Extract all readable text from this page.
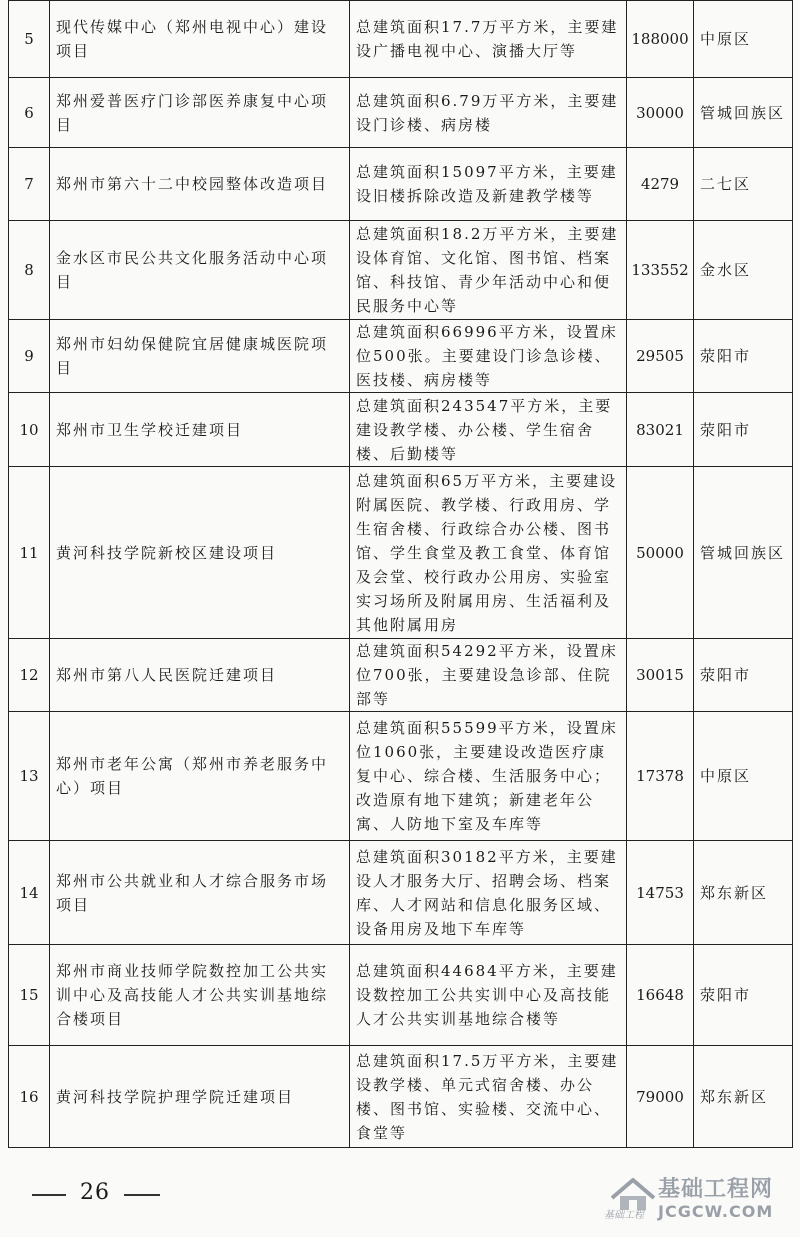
5	现代传媒中心（郑州电视中心）建设项目	总建筑面积17.7万平方米，主要建设广播电视中心、演播大厅等	188000	中原区
6	郑州爱普医疗门诊部医养康复中心项目	总建筑面积6.79万平方米，主要建设门诊楼、病房楼	30000	管城回族区
7	郑州市第六十二中校园整体改造项目	总建筑面积15097平方米，主要建设旧楼拆除改造及新建教学楼等	4279	二七区
8	金水区市民公共文化服务活动中心项目	总建筑面积18.2万平方米，主要建设体育馆、文化馆、图书馆、档案馆、科技馆、青少年活动中心和便民服务中心等	133552	金水区
9	郑州市妇幼保健院宜居健康城医院项目	总建筑面积66996平方米，设置床位500张。主要建设门诊急诊楼、医技楼、病房楼等	29505	荥阳市
10	郑州市卫生学校迁建项目	总建筑面积243547平方米，主要建设教学楼、办公楼、学生宿舍楼、后勤楼等	83021	荥阳市
11	黄河科技学院新校区建设项目	总建筑面积65万平方米，主要建设附属医院、教学楼、行政用房、学生宿舍楼、行政综合办公楼、图书馆、学生食堂及教工食堂、体育馆及会堂、校行政办公用房、实验室实习场所及附属用房、生活福利及其他附属用房	50000	管城回族区
12	郑州市第八人民医院迁建项目	总建筑面积54292平方米，设置床位700张，主要建设急诊部、住院部等	30015	荥阳市
13	郑州市老年公寓（郑州市养老服务中心）项目	总建筑面积55599平方米，设置床位1060张，主要建设改造医疗康复中心、综合楼、生活服务中心；改造原有地下建筑；新建老年公寓、人防地下室及车库等	17378	中原区
14	郑州市公共就业和人才综合服务市场项目	总建筑面积30182平方米，主要建设人才服务大厅、招聘会场、档案库、人才网站和信息化服务区域、设备用房及地下车库等	14753	郑东新区
15	郑州市商业技师学院数控加工公共实训中心及高技能人才公共实训基地综合楼项目	总建筑面积44684平方米，主要建设数控加工公共实训中心及高技能人才公共实训基地综合楼等	16648	荥阳市
16	黄河科技学院护理学院迁建项目	总建筑面积17.5万平方米，主要建设教学楼、单元式宿舍楼、办公楼、图书馆、实验楼、交流中心、食堂等	79000	郑东新区
26	基础工程网
JCGCW.COM
基础工程
